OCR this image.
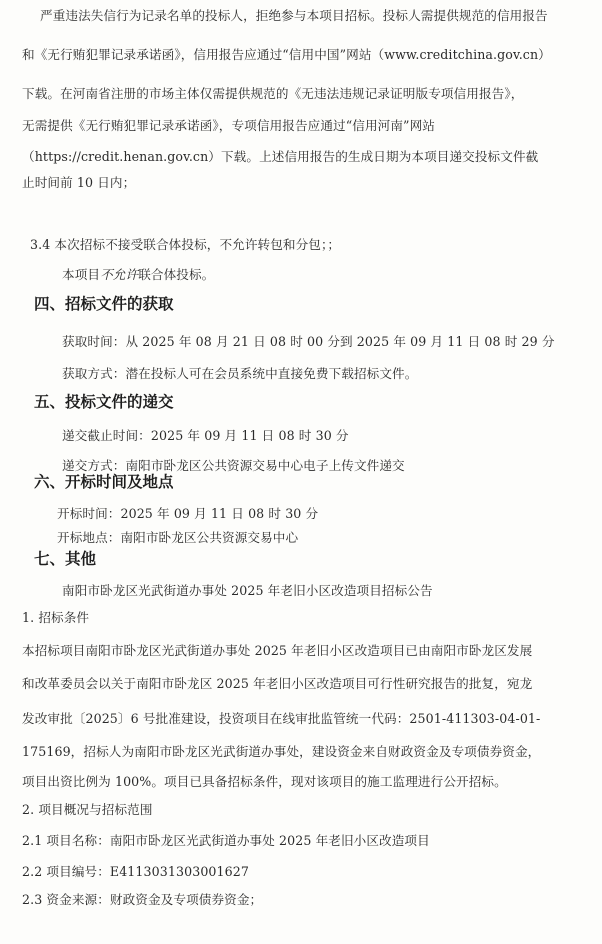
严重违法失信行为记录名单的投标人，拒绝参与本项目招标。投标人需提供规范的信用报告
和《无行贿犯罪记录承诺函》，信用报告应通过“信用中国”网站（www.creditchina.gov.cn）
下载。在河南省注册的市场主体仅需提供规范的《无违法违规记录证明版专项信用报告》，
无需提供《无行贿犯罪记录承诺函》，专项信用报告应通过“信用河南”网站
（https://credit.henan.gov.cn）下载。上述信用报告的生成日期为本项目递交投标文件截
止时间前 10 日内；
3.4 本次招标不接受联合体投标，不允许转包和分包；；
本项目不允许联合体投标。
四、招标文件的获取
获取时间：从 2025 年 08 月 21 日 08 时 00 分到 2025 年 09 月 11 日 08 时 29 分
获取方式：潜在投标人可在会员系统中直接免费下载招标文件。
五、投标文件的递交
递交截止时间：2025 年 09 月 11 日 08 时 30 分
递交方式：南阳市卧龙区公共资源交易中心电子上传文件递交
六、开标时间及地点
开标时间：2025 年 09 月 11 日 08 时 30 分
开标地点：南阳市卧龙区公共资源交易中心
七、其他
南阳市卧龙区光武街道办事处 2025 年老旧小区改造项目招标公告
1. 招标条件
本招标项目南阳市卧龙区光武街道办事处 2025 年老旧小区改造项目已由南阳市卧龙区发展
和改革委员会以关于南阳市卧龙区 2025 年老旧小区改造项目可行性研究报告的批复，宛龙
发改审批〔2025〕6 号批准建设，投资项目在线审批监管统一代码：2501-411303-04-01-
175169，招标人为南阳市卧龙区光武街道办事处，建设资金来自财政资金及专项债券资金，
项目出资比例为 100%。项目已具备招标条件，现对该项目的施工监理进行公开招标。
2. 项目概况与招标范围
2.1 项目名称：南阳市卧龙区光武街道办事处 2025 年老旧小区改造项目
2.2 项目编号：E4113031303001627
2.3 资金来源：财政资金及专项债券资金；
